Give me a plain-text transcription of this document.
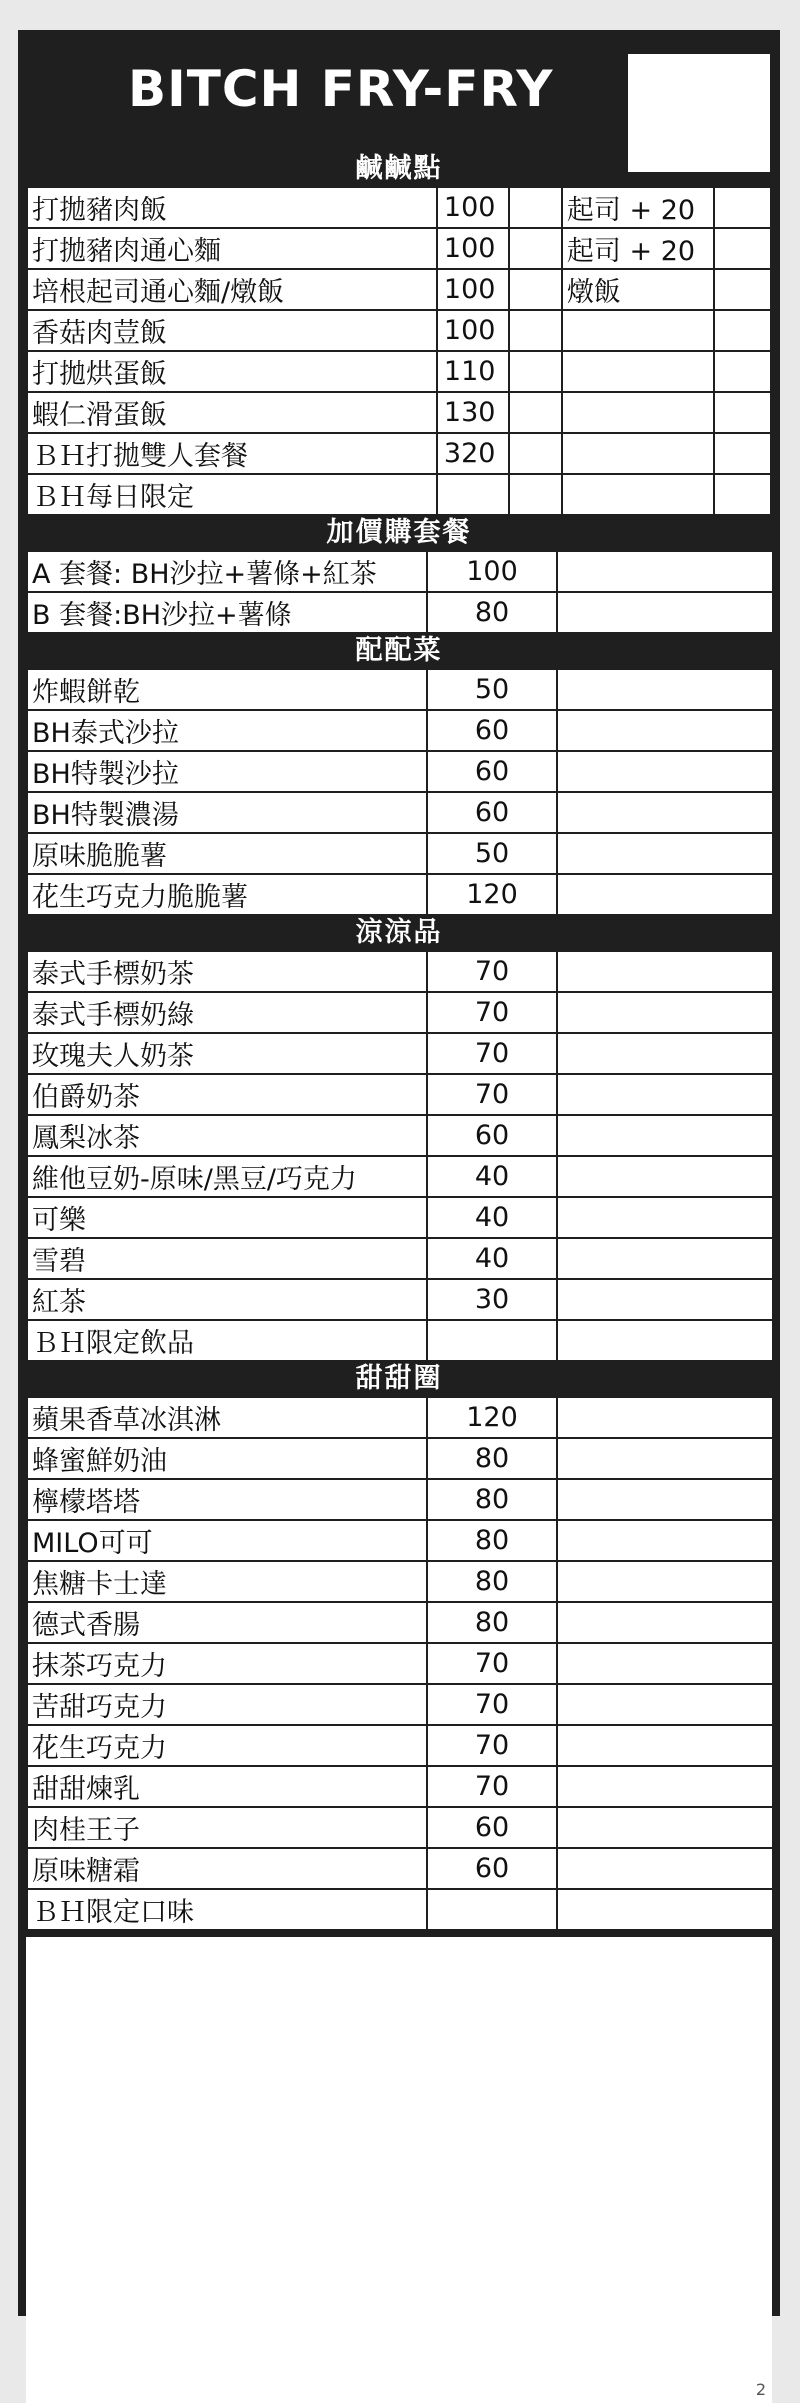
BITCH FRY-FRY
鹹鹹點
打拋豬肉飯	100		起司 + 20	
打拋豬肉通心麵	100		起司 + 20	
培根起司通心麵/燉飯	100		燉飯	
香菇肉荳飯	100			
打拋烘蛋飯	110			
蝦仁滑蛋飯	130			
ＢＨ打拋雙人套餐	320			
ＢＨ每日限定				
加價購套餐
A 套餐: BH沙拉+薯條+紅茶	100	
B 套餐:BH沙拉+薯條	80	
配配菜
炸蝦餅乾	50	
BH泰式沙拉	60	
BH特製沙拉	60	
BH特製濃湯	60	
原味脆脆薯	50	
花生巧克力脆脆薯	120	
涼涼品
泰式手標奶茶	70	
泰式手標奶綠	70	
玫瑰夫人奶茶	70	
伯爵奶茶	70	
鳳梨冰茶	60	
維他豆奶-原味/黑豆/巧克力	40	
可樂	40	
雪碧	40	
紅茶	30	
ＢＨ限定飲品		
甜甜圈
蘋果香草冰淇淋	120	
蜂蜜鮮奶油	80	
檸檬塔塔	80	
MILO可可	80	
焦糖卡士達	80	
德式香腸	80	
抹茶巧克力	70	
苦甜巧克力	70	
花生巧克力	70	
甜甜煉乳	70	
肉桂王子	60	
原味糖霜	60	
ＢＨ限定口味		
2
